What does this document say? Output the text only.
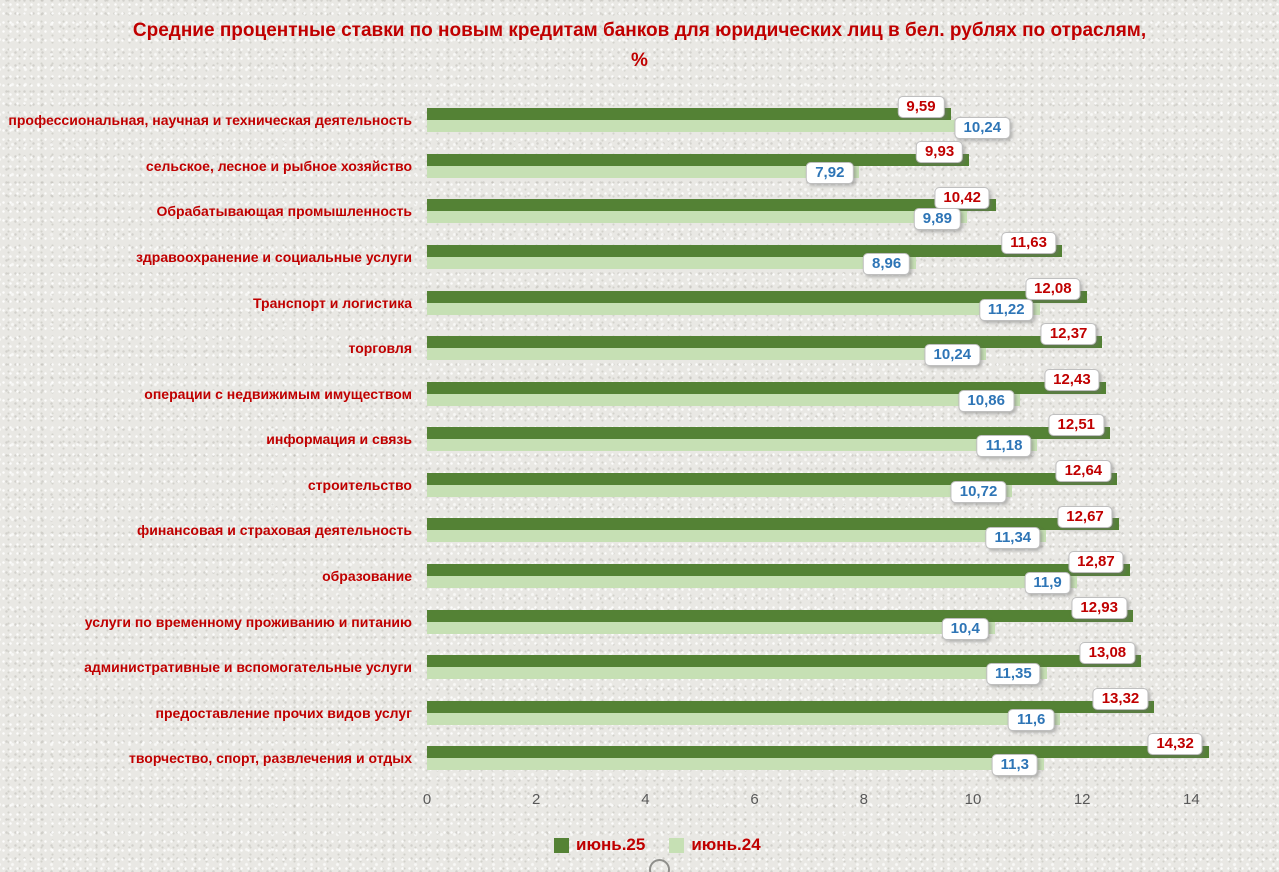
Средние процентные ставки по новым кредитам банков для юридических лиц в бел. рублях по отраслям, %
профессиональная, научная и техническая деятельность
9,59
10,24
сельское, лесное и рыбное хозяйство
9,93
7,92
Обрабатывающая промышленность
10,42
9,89
здравоохранение и социальные услуги
11,63
8,96
Транспорт и логистика
12,08
11,22
торговля
12,37
10,24
операции с недвижимым имуществом
12,43
10,86
информация и связь
12,51
11,18
строительство
12,64
10,72
финансовая и страховая деятельность
12,67
11,34
образование
12,87
11,9
услуги по временному проживанию и питанию
12,93
10,4
административные и вспомогательные услуги
13,08
11,35
предоставление прочих видов услуг
13,32
11,6
творчество, спорт, развлечения и отдых
14,32
11,3
0	2	4	6	8	10	12	14
июнь.25	июнь.24
